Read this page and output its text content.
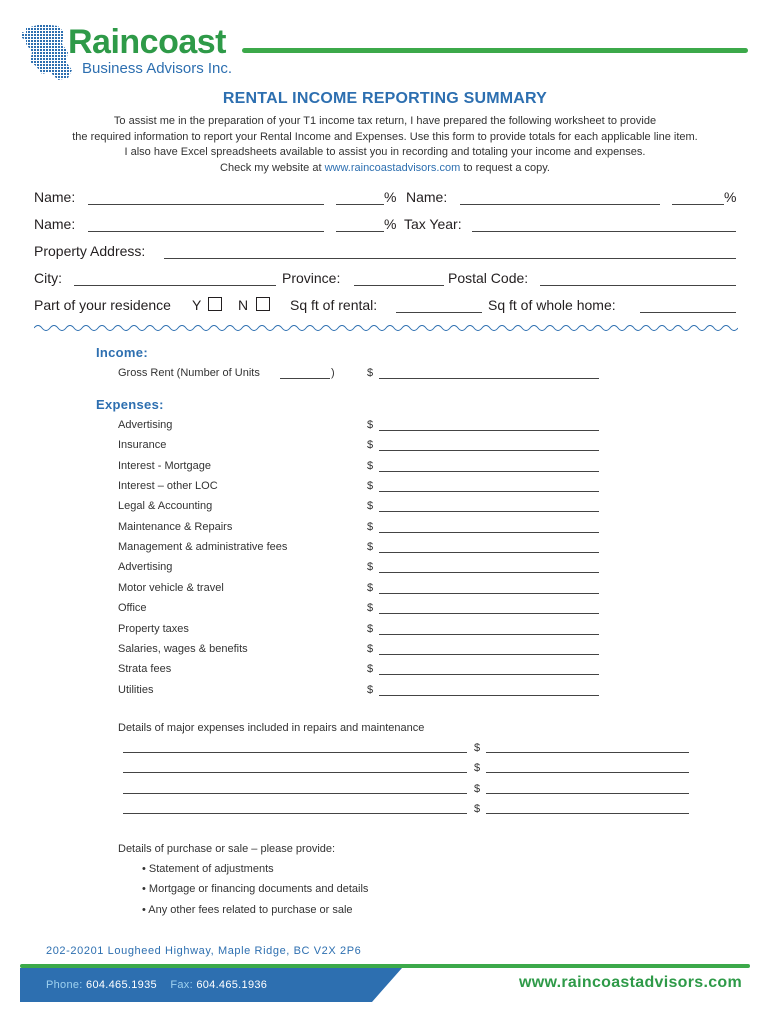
Raincoast
Business Advisors Inc.
RENTAL INCOME REPORTING SUMMARY

To assist me in the preparation of your T1 income tax return, I have prepared the following worksheet to provide

the required information to report your Rental Income and Expenses. Use this form to provide totals for each applicable line item.

I also have Excel spreadsheets available to assist you in recording and totaling your income and expenses.

Check my website at www.raincoastadvisors.com to request a copy.

Name:	% Name:	%
Name:	% Tax Year:
Property Address:
City:	Province:	Postal Code:
Part of your residence Y	N	Sq ft of rental:	Sq ft of whole home:
Income:
Gross Rent (Number of Units	)	$
Expenses:
Advertising	$
Insurance	$
Interest - Mortgage	$
Interest – other LOC	$
Legal & Accounting	$
Maintenance & Repairs	$
Management & administrative fees	$
Advertising	$
Motor vehicle & travel	$
Office	$
Property taxes	$
Salaries, wages & benefits	$
Strata fees	$
Utilities	$
Details of major expenses included in repairs and maintenance
$
$
$
$
Details of purchase or sale – please provide:
• Statement of adjustments
• Mortgage or financing documents and details
• Any other fees related to purchase or sale
202-20201 Lougheed Highway, Maple Ridge, BC V2X 2P6
Phone: 604.465.1935 Fax: 604.465.1936	www.raincoastadvisors.com
